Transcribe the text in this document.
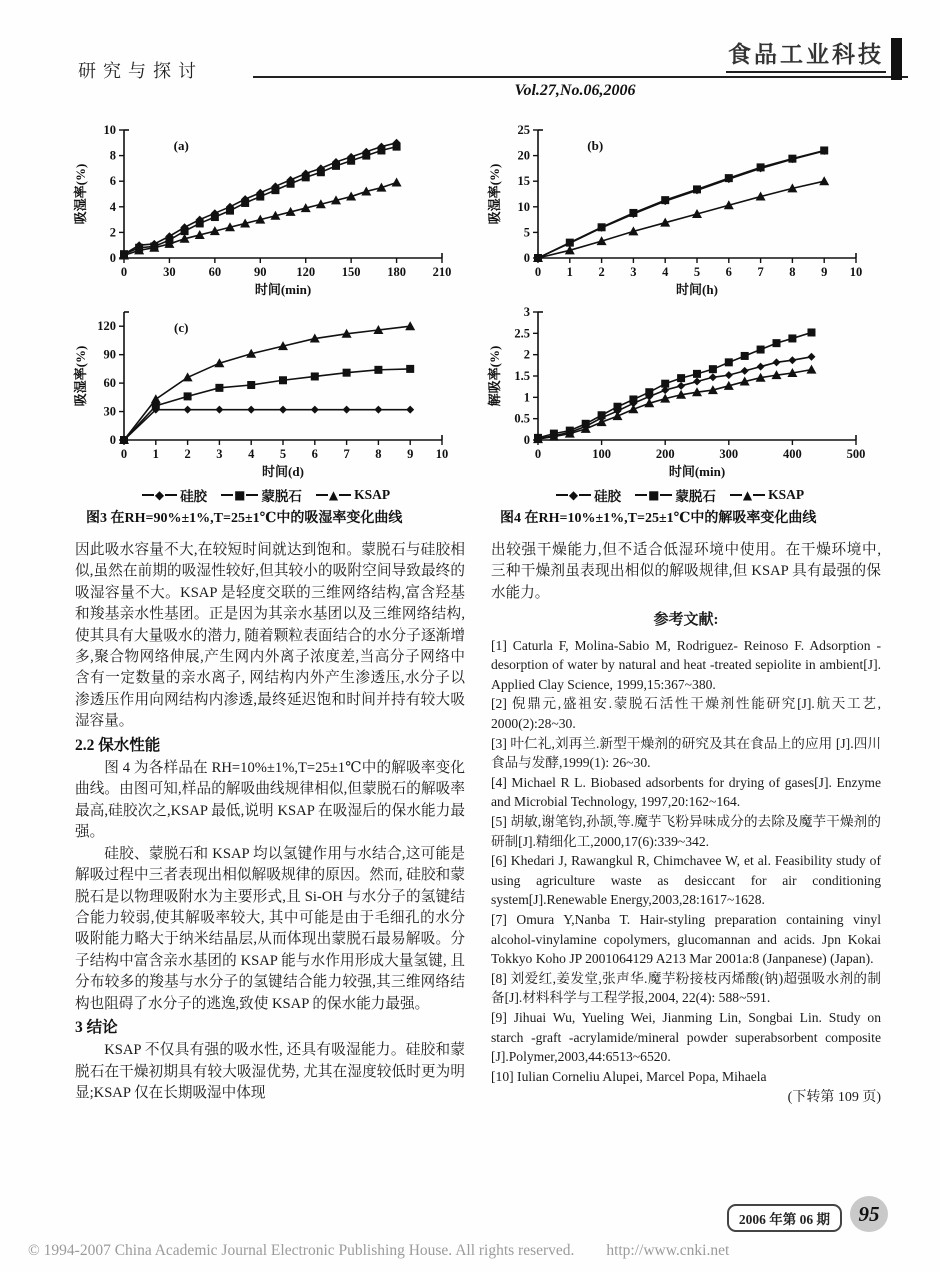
研究与探讨
食品工业科技
Vol.27,No.06,2006
0	30	60	90 120 150 180 210
0
2
4
6
8
10
时间(min)
吸湿率(%)
(a)
0 1 2 3 4 5 6 7 8 9 10
0
30
60
90
120
时间(d)
吸湿率(%)
(c)
◆ 硅胶 ■ 蒙脱石 ▲ KSAP
图3 在RH=90%±1%,T=25±1℃中的吸湿率变化曲线
0 1 2 3 4 5 6 7 8 9 10
0
5
10
15
20
25
时间(h)
吸湿率(%)
(b)
0	100	200	300	400	500
0
0.5
1
1.5
2
2.5
3
时间(min)
解吸率(%)
◆ 硅胶 ■ 蒙脱石 ▲ KSAP
图4 在RH=10%±1%,T=25±1℃中的解吸率变化曲线

因此吸水容量不大,在较短时间就达到饱和。蒙脱石与硅胶相似,虽然在前期的吸湿性较好,但其较小的吸附空间导致最终的吸湿容量不大。KSAP 是轻度交联的三维网络结构,富含羟基和羧基亲水性基团。正是因为其亲水基团以及三维网络结构, 使其具有大量吸水的潜力, 随着颗粒表面结合的水分子逐渐增多,聚合物网络伸展,产生网内外离子浓度差,当高分子网络中含有一定数量的亲水离子, 网结构内外产生渗透压,水分子以渗透压作用向网结构内渗透,最终延迟饱和时间并持有较大吸湿容量。

2.2 保水性能

图 4 为各样品在 RH=10%±1%,T=25±1℃中的解吸率变化曲线。由图可知,样品的解吸曲线规律相似,但蒙脱石的解吸率最高,硅胶次之,KSAP 最低,说明 KSAP 在吸湿后的保水能力最强。

硅胶、蒙脱石和 KSAP 均以氢键作用与水结合,这可能是解吸过程中三者表现出相似解吸规律的原因。然而, 硅胶和蒙脱石是以物理吸附水为主要形式,且 Si-OH 与水分子的氢键结合能力较弱,使其解吸率较大, 其中可能是由于毛细孔的水分吸附能力略大于纳米结晶层,从而体现出蒙脱石最易解吸。分子结构中富含亲水基团的 KSAP 能与水作用形成大量氢键, 且分布较多的羧基与水分子的氢键结合能力较强,其三维网络结构也阻碍了水分子的逃逸,致使 KSAP 的保水能力最强。

3 结论

KSAP 不仅具有强的吸水性, 还具有吸湿能力。硅胶和蒙脱石在干燥初期具有较大吸湿优势, 尤其在湿度较低时更为明显;KSAP 仅在长期吸湿中体现

出较强干燥能力,但不适合低湿环境中使用。在干燥环境中, 三种干燥剂虽表现出相似的解吸规律,但 KSAP 具有最强的保水能力。

参考文献:

[1] Caturla F, Molina-Sabio M, Rodriguez- Reinoso F. Adsorption -desorption of water by natural and heat -treated sepiolite in ambient[J]. Applied Clay Science, 1999,15:367~380.

[2] 倪鼎元,盛祖安.蒙脱石活性干燥剂性能研究[J].航天工艺, 2000(2):28~30.

[3] 叶仁礼,刘再兰.新型干燥剂的研究及其在食品上的应用 [J].四川食品与发酵,1999(1): 26~30.

[4] Michael R L. Biobased adsorbents for drying of gases[J]. Enzyme and Microbial Technology, 1997,20:162~164.

[5] 胡敏,谢笔钧,孙颉,等.魔芋飞粉异味成分的去除及魔芋干燥剂的研制[J].精细化工,2000,17(6):339~342.

[6] Khedari J, Rawangkul R, Chimchavee W, et al. Feasibility study of using agriculture waste as desiccant for air conditioning system[J].Renewable Energy,2003,28:1617~1628.

[7] Omura Y,Nanba T. Hair-styling preparation containing vinyl alcohol-vinylamine copolymers, glucomannan and acids. Jpn Kokai Tokkyo Koho JP 2001064129 A213 Mar 2001a:8 (Janpanese) (Japan).

[8] 刘爱红,姜发堂,张声华.魔芋粉接枝丙烯酸(钠)超强吸水剂的制备[J].材料科学与工程学报,2004, 22(4): 588~591.

[9] Jihuai Wu, Yueling Wei, Jianming Lin, Songbai Lin. Study on starch -graft -acrylamide/mineral powder superabsorbent composite [J].Polymer,2003,44:6513~6520.

[10] Iulian Corneliu Alupei, Marcel Popa, Mihaela

(下转第 109 页)
2006 年第 06 期	95
© 1994-2007 China Academic Journal Electronic Publishing House. All rights reserved. http://www.cnki.net
